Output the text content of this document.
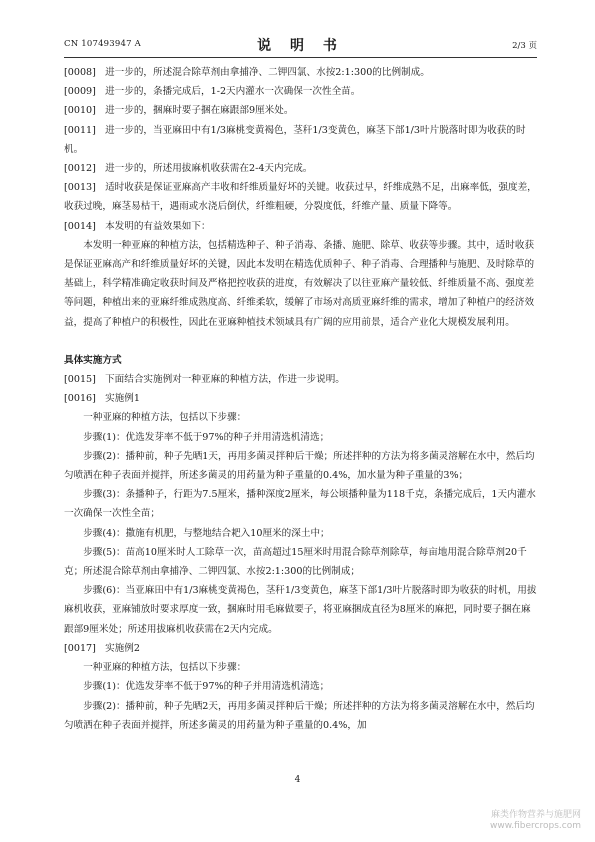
CN 107493947 A	说 明 书	2/3 页

[0008] 进一步的，所述混合除草剂由拿捕净、二钾四氯、水按2:1:300的比例制成。

[0009] 进一步的，条播完成后，1-2天内灌水一次确保一次性全苗。

[0010] 进一步的，捆麻时要子捆在麻跟部9厘米处。

[0011] 进一步的，当亚麻田中有1/3麻桃变黄褐色，茎秆1/3变黄色，麻茎下部1/3叶片脱落时即为收获的时机。

[0012] 进一步的，所述用拔麻机收获需在2-4天内完成。

[0013] 适时收获是保证亚麻高产丰收和纤维质量好坏的关键。收获过早，纤维成熟不足，出麻率低，强度差，收获过晚，麻茎易枯干，遇雨或水浇后倒伏，纤维粗硬，分裂度低，纤维产量、质量下降等。

[0014] 本发明的有益效果如下：

本发明一种亚麻的种植方法，包括精选种子、种子消毒、条播、施肥、除草、收获等步骤。其中，适时收获是保证亚麻高产和纤维质量好坏的关键，因此本发明在精选优质种子、种子消毒、合理播种与施肥、及时除草的基础上，科学精准确定收获时间及严格把控收获的进度，有效解决了以往亚麻产量较低、纤维质量不高、强度差等问题，种植出来的亚麻纤维成熟度高、纤维柔软，缓解了市场对高质亚麻纤维的需求，增加了种植户的经济效益，提高了种植户的积极性，因此在亚麻种植技术领域具有广阔的应用前景，适合产业化大规模发展利用。

具体实施方式

[0015] 下面结合实施例对一种亚麻的种植方法，作进一步说明。

[0016] 实施例1

一种亚麻的种植方法，包括以下步骤：

步骤(1)：优选发芽率不低于97%的种子并用清选机清选；

步骤(2)：播种前，种子先晒1天，再用多菌灵拌种后干燥；所述拌种的方法为将多菌灵溶解在水中，然后均匀喷洒在种子表面并搅拌，所述多菌灵的用药量为种子重量的0.4%，加水量为种子重量的3%；

步骤(3)：条播种子，行距为7.5厘米，播种深度2厘米，每公顷播种量为118千克，条播完成后，1天内灌水一次确保一次性全苗；

步骤(4)：撒施有机肥，与整地结合耙入10厘米的深土中；

步骤(5)：苗高10厘米时人工除草一次，苗高超过15厘米时用混合除草剂除草，每亩地用混合除草剂20千克；所述混合除草剂由拿捕净、二钾四氯、水按2:1:300的比例制成；

步骤(6)：当亚麻田中有1/3麻桃变黄褐色，茎秆1/3变黄色，麻茎下部1/3叶片脱落时即为收获的时机，用拔麻机收获，亚麻铺放时要求厚度一致，捆麻时用毛麻做要子，将亚麻捆成直径为8厘米的麻把，同时要子捆在麻跟部9厘米处；所述用拔麻机收获需在2天内完成。

[0017] 实施例2

一种亚麻的种植方法，包括以下步骤：

步骤(1)：优选发芽率不低于97%的种子并用清选机清选；

步骤(2)：播种前，种子先晒2天，再用多菌灵拌种后干燥；所述拌种的方法为将多菌灵溶解在水中，然后均匀喷洒在种子表面并搅拌，所述多菌灵的用药量为种子重量的0.4%，加

4
麻类作物营养与施肥网
www.fibercrops.com
